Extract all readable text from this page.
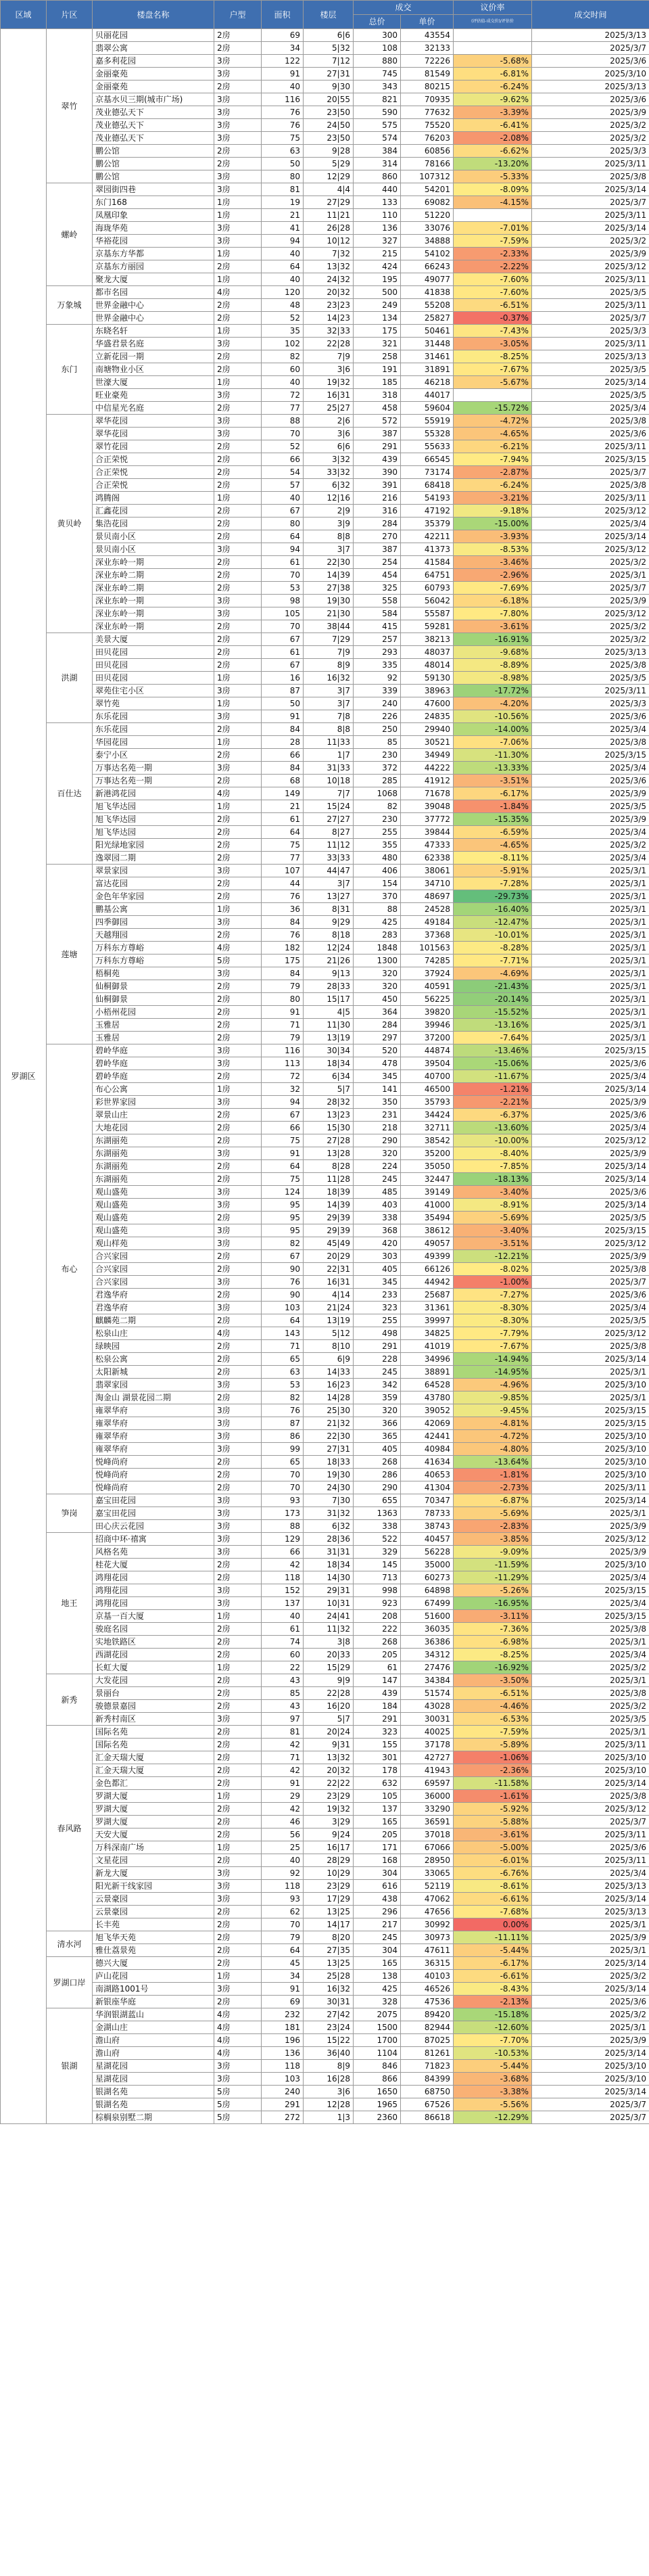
区域	片区	楼盘名称	户型	面积	楼层	成交		议价率	成交时间
						总价	单价	(评估值-成交价)/评估价	
罗湖区	翠竹	贝丽花园	2房	69	6|6	300	43554		2025/3/13
		翡翠公寓	2房	34	5|32	108	32133		2025/3/7
		嘉多利花园	3房	122	7|12	880	72226	-5.68%	2025/3/6
		金丽豪苑	3房	91	27|31	745	81549	-6.81%	2025/3/10
		金丽豪苑	2房	40	9|30	343	80215	-6.24%	2025/3/13
		京基水贝三期(城市广场)	3房	116	20|55	821	70935	-9.62%	2025/3/6
		茂业德弘天下	3房	76	23|50	590	77632	-3.39%	2025/3/9
		茂业德弘天下	3房	76	24|50	575	75520	-6.41%	2025/3/2
		茂业德弘天下	3房	75	23|50	574	76203	-2.08%	2025/3/2
		鹏公馆	2房	63	9|28	384	60856	-6.62%	2025/3/3
		鹏公馆	2房	50	5|29	314	78166	-13.20%	2025/3/11
		鹏公馆	3房	80	12|29	860	107312	-5.33%	2025/3/8
	螺岭	翠园街四巷	3房	81	4|4	440	54201	-8.09%	2025/3/14
		东门168	1房	19	27|29	133	69082	-4.15%	2025/3/7
		凤凰印象	1房	21	11|21	110	51220		2025/3/11
		海珑华苑	3房	41	26|28	136	33076	-7.01%	2025/3/14
		华裕花园	3房	94	10|12	327	34888	-7.59%	2025/3/2
		京基东方华都	1房	40	7|32	215	54102	-2.33%	2025/3/9
		京基东方丽园	2房	64	13|32	424	66243	-2.22%	2025/3/12
		聚龙大厦	1房	40	24|32	195	49077	-7.60%	2025/3/11
	万象城	都市名园	4房	120	20|32	500	41838	-7.60%	2025/3/5
		世界金融中心	2房	48	23|23	249	55208	-6.51%	2025/3/11
		世界金融中心	2房	52	14|23	134	25827	-0.37%	2025/3/7
	东门	东晓名轩	1房	35	32|33	175	50461	-7.43%	2025/3/3
		华盛君景名庭	3房	102	22|28	321	31448	-3.05%	2025/3/11
		立新花园一期	2房	82	7|9	258	31461	-8.25%	2025/3/13
		南塘物业小区	2房	60	3|6	191	31891	-7.67%	2025/3/5
		世濠大厦	1房	40	19|32	185	46218	-5.67%	2025/3/14
		旺业豪苑	3房	72	16|31	318	44017		2025/3/5
		中信星光名庭	2房	77	25|27	458	59604	-15.72%	2025/3/4
	黄贝岭	翠华花园	3房	88	2|6	572	55919	-4.72%	2025/3/8
		翠华花园	3房	70	3|6	387	55328	-4.65%	2025/3/6
		翠竹花园	2房	52	6|6	291	55633	-6.21%	2025/3/11
		合正荣悦	2房	66	3|32	439	66545	-7.94%	2025/3/15
		合正荣悦	2房	54	33|32	390	73174	-2.87%	2025/3/7
		合正荣悦	2房	57	6|32	391	68418	-6.24%	2025/3/8
		鸿腾阁	1房	40	12|16	216	54193	-3.21%	2025/3/11
		汇鑫花园	2房	67	2|9	316	47192	-9.18%	2025/3/12
		集浩花园	2房	80	3|9	284	35379	-15.00%	2025/3/4
		景贝南小区	2房	64	8|8	270	42211	-3.93%	2025/3/14
		景贝南小区	3房	94	3|7	387	41373	-8.53%	2025/3/12
		深业东岭一期	2房	61	22|30	254	41584	-3.46%	2025/3/2
		深业东岭二期	2房	70	14|39	454	64751	-2.96%	2025/3/1
		深业东岭二期	2房	53	27|38	325	60793	-7.69%	2025/3/7
		深业东岭一期	3房	98	19|30	558	56042	-6.18%	2025/3/9
		深业东岭一期	3房	105	21|30	584	55587	-7.80%	2025/3/12
		深业东岭一期	2房	70	38|44	415	59281	-3.61%	2025/3/2
	洪湖	美景大厦	2房	67	7|29	257	38213	-16.91%	2025/3/2
		田贝花园	2房	61	7|9	293	48037	-9.68%	2025/3/13
		田贝花园	2房	67	8|9	335	48014	-8.89%	2025/3/8
		田贝花园	1房	16	16|32	92	59130	-8.98%	2025/3/5
		翠苑住宅小区	3房	87	3|7	339	38963	-17.72%	2025/3/11
		翠竹苑	1房	50	3|7	240	47600	-4.20%	2025/3/3
		东乐花园	3房	91	7|8	226	24835	-10.56%	2025/3/6
	百仕达	东乐花园	2房	84	8|8	250	29940	-14.00%	2025/3/4
		华园花园	1房	28	11|33	85	30521	-7.06%	2025/3/8
		泰宁小区	2房	66	1|7	230	34949	-11.30%	2025/3/15
		万事达名苑一期	3房	84	31|33	372	44222	-13.33%	2025/3/4
		万事达名苑一期	2房	68	10|18	285	41912	-3.51%	2025/3/6
		新港鸿花园	4房	149	7|7	1068	71678	-6.17%	2025/3/9
		旭飞华达园	1房	21	15|24	82	39048	-1.84%	2025/3/5
		旭飞华达园	2房	61	27|27	230	37772	-15.35%	2025/3/9
		旭飞华达园	2房	64	8|27	255	39844	-6.59%	2025/3/4
		阳光绿地家园	2房	75	11|12	355	47333	-4.65%	2025/3/2
		逸翠园二期	2房	77	33|33	480	62338	-8.11%	2025/3/4
	莲塘	翠景家园	3房	107	44|47	406	38061	-5.91%	2025/3/1
		富达花园	2房	44	3|7	154	34710	-7.28%	2025/3/1
		金色年华家园	2房	76	13|27	370	48697	-29.73%	2025/3/1
		鹏基公寓	1房	36	8|31	88	24528	-16.40%	2025/3/1
		四季御园	3房	84	9|29	425	49184	-12.47%	2025/3/1
		天越翔园	2房	76	8|18	283	37368	-10.01%	2025/3/1
		万科东方尊峪	4房	182	12|24	1848	101563	-8.28%	2025/3/1
		万科东方尊峪	5房	175	21|26	1300	74285	-7.71%	2025/3/1
		梧桐苑	3房	84	9|13	320	37924	-4.69%	2025/3/1
		仙桐御景	2房	79	28|33	320	40591	-21.43%	2025/3/1
		仙桐御景	2房	80	15|17	450	56225	-20.14%	2025/3/1
		小梧州花园	2房	91	4|5	364	39820	-15.52%	2025/3/1
		玉雅居	2房	71	11|30	284	39946	-13.16%	2025/3/1
		玉雅居	2房	79	13|19	297	37200	-7.64%	2025/3/1
	布心	碧岭华庭	3房	116	30|34	520	44874	-13.46%	2025/3/15
		碧岭华庭	3房	113	18|34	478	39504	-15.06%	2025/3/6
		碧岭华庭	2房	72	6|34	345	40700	-11.67%	2025/3/4
		布心公寓	1房	32	5|7	141	46500	-1.21%	2025/3/14
		彩世界家园	3房	94	28|32	350	35793	-2.21%	2025/3/9
		翠景山庄	2房	67	13|23	231	34424	-6.37%	2025/3/6
		大地花园	2房	66	15|30	218	32711	-13.60%	2025/3/4
		东湖丽苑	2房	75	27|28	290	38542	-10.00%	2025/3/12
		东湖丽苑	3房	91	13|28	320	35200	-8.40%	2025/3/9
		东湖丽苑	2房	64	8|28	224	35050	-7.85%	2025/3/14
		东湖丽苑	2房	75	11|28	245	32447	-18.13%	2025/3/14
		观山盛苑	3房	124	18|39	485	39149	-3.40%	2025/3/6
		观山盛苑	3房	95	14|39	403	41000	-8.91%	2025/3/14
		观山盛苑	2房	95	29|39	338	35494	-5.69%	2025/3/5
		观山盛苑	3房	95	29|39	368	38612	-3.40%	2025/3/15
		观山样苑	3房	82	45|49	420	49057	-3.51%	2025/3/12
		合兴家园	2房	67	20|29	303	49399	-12.21%	2025/3/9
		合兴家园	2房	90	22|31	405	66126	-8.02%	2025/3/8
		合兴家园	3房	76	16|31	345	44942	-1.00%	2025/3/7
		君逸华府	2房	90	4|14	233	25687	-7.27%	2025/3/6
		君逸华府	3房	103	21|24	323	31361	-8.30%	2025/3/4
		麒麟苑二期	2房	64	13|19	255	39997	-8.30%	2025/3/5
		松泉山庄	4房	143	5|12	498	34825	-7.79%	2025/3/12
		绿映园	2房	71	8|10	291	41019	-7.67%	2025/3/8
		松泉公寓	2房	65	6|9	228	34996	-14.94%	2025/3/14
		太阳新城	2房	63	14|33	245	38891	-14.95%	2025/3/1
		翡翠家园	3房	53	16|23	342	64528	-4.96%	2025/3/10
		淘金山 湖景花园二期	2房	82	14|28	359	43780	-9.85%	2025/3/1
		雍翠华府	3房	76	25|30	320	39052	-9.45%	2025/3/15
		雍翠华府	3房	87	21|32	366	42069	-4.81%	2025/3/15
		雍翠华府	3房	86	22|30	365	42441	-4.72%	2025/3/10
		雍翠华府	3房	99	27|31	405	40984	-4.80%	2025/3/10
		悦峰尚府	2房	65	18|33	268	41634	-13.64%	2025/3/10
		悦峰尚府	2房	70	19|30	286	40653	-1.81%	2025/3/10
		悦峰尚府	2房	70	24|30	290	41304	-2.73%	2025/3/11
	笋岗	嘉宝田花园	3房	93	7|30	655	70347	-6.87%	2025/3/14
		嘉宝田花园	3房	173	31|32	1363	78733	-5.69%	2025/3/1
		田心庆云花园	3房	88	6|32	338	38743	-2.83%	2025/3/9
	地王	招商中环·禧寓	3房	129	28|36	522	40457	-3.85%	2025/3/12
		风格名苑	3房	66	31|31	329	56228	-9.09%	2025/3/9
		桂花大厦	2房	42	18|34	145	35000	-11.59%	2025/3/10
		鸿翔花园	2房	118	14|30	713	60273	-11.29%	2025/3/4
		鸿翔花园	3房	152	29|31	998	64898	-5.26%	2025/3/15
		鸿翔花园	3房	137	10|31	923	67499	-16.95%	2025/3/4
		京基一百大厦	1房	40	24|41	208	51600	-3.11%	2025/3/15
		骏庭名园	2房	61	11|32	222	36035	-7.36%	2025/3/8
		实地铁路区	2房	74	3|8	268	36386	-6.98%	2025/3/1
		西湖花园	2房	60	20|33	205	34312	-8.25%	2025/3/4
		长虹大厦	1房	22	15|29	61	27476	-16.92%	2025/3/2
	新秀	大发花园	2房	43	9|9	147	34384	-3.50%	2025/3/1
		景丽台	2房	85	22|28	439	51574	-6.51%	2025/3/8
		骏德景嘉园	2房	43	16|20	184	43028	-4.46%	2025/3/2
		新秀村南区	3房	97	5|7	291	30031	-6.53%	2025/3/5
	春风路	国际名苑	2房	81	20|24	323	40025	-7.59%	2025/3/1
		国际名苑	2房	42	9|31	155	37178	-5.89%	2025/3/11
		汇金天瑞大厦	2房	71	13|32	301	42727	-1.06%	2025/3/10
		汇金天瑞大厦	2房	42	20|32	178	41943	-2.36%	2025/3/10
		金色都汇	2房	91	22|22	632	69597	-11.58%	2025/3/14
		罗湖大厦	1房	29	23|29	105	36000	-1.61%	2025/3/8
		罗湖大厦	2房	42	19|32	137	33290	-5.92%	2025/3/12
		罗湖大厦	2房	46	3|29	165	36591	-5.88%	2025/3/7
		天安大厦	2房	56	9|24	205	37018	-3.61%	2025/3/11
		万科深南广场	1房	25	16|17	171	67066	-5.00%	2025/3/6
		文星花园	2房	40	28|29	168	28950	-6.01%	2025/3/11
		新龙大厦	3房	92	10|29	304	33065	-6.76%	2025/3/4
		阳光新干线家园	3房	118	23|29	616	52119	-8.61%	2025/3/13
		云景豪园	3房	93	17|29	438	47062	-6.61%	2025/3/14
		云景豪园	2房	62	13|25	296	47656	-7.68%	2025/3/13
		长丰苑	2房	70	14|17	217	30992	0.00%	2025/3/1
	清水河	旭飞华天苑	2房	79	8|20	245	30973	-11.11%	2025/3/9
		雅仕荔景苑	2房	64	27|35	304	47611	-5.44%	2025/3/1
	罗湖口岸	德兴大厦	2房	45	13|25	165	36315	-6.17%	2025/3/14
		庐山花园	1房	34	25|28	138	40103	-6.61%	2025/3/2
		南湖路1001号	3房	91	16|32	425	46526	-8.43%	2025/3/14
		新银座华庭	2房	69	30|31	328	47536	-2.13%	2025/3/6
	银湖	华润银湖蓝山	4房	232	27|42	2075	89420	-15.18%	2025/3/2
		金湖山庄	4房	181	23|24	1500	82944	-12.60%	2025/3/1
		澹山府	4房	196	15|22	1700	87025	-7.70%	2025/3/9
		澹山府	4房	136	36|40	1104	81261	-10.53%	2025/3/14
		星湖花园	3房	118	8|9	846	71823	-5.44%	2025/3/10
		星湖花园	3房	103	16|28	866	84399	-3.68%	2025/3/10
		银湖名苑	5房	240	3|6	1650	68750	-3.38%	2025/3/14
		银湖名苑	5房	291	12|28	1965	67526	-5.56%	2025/3/7
		棕榈泉别墅二期	5房	272	1|3	2360	86618	-12.29%	2025/3/7
